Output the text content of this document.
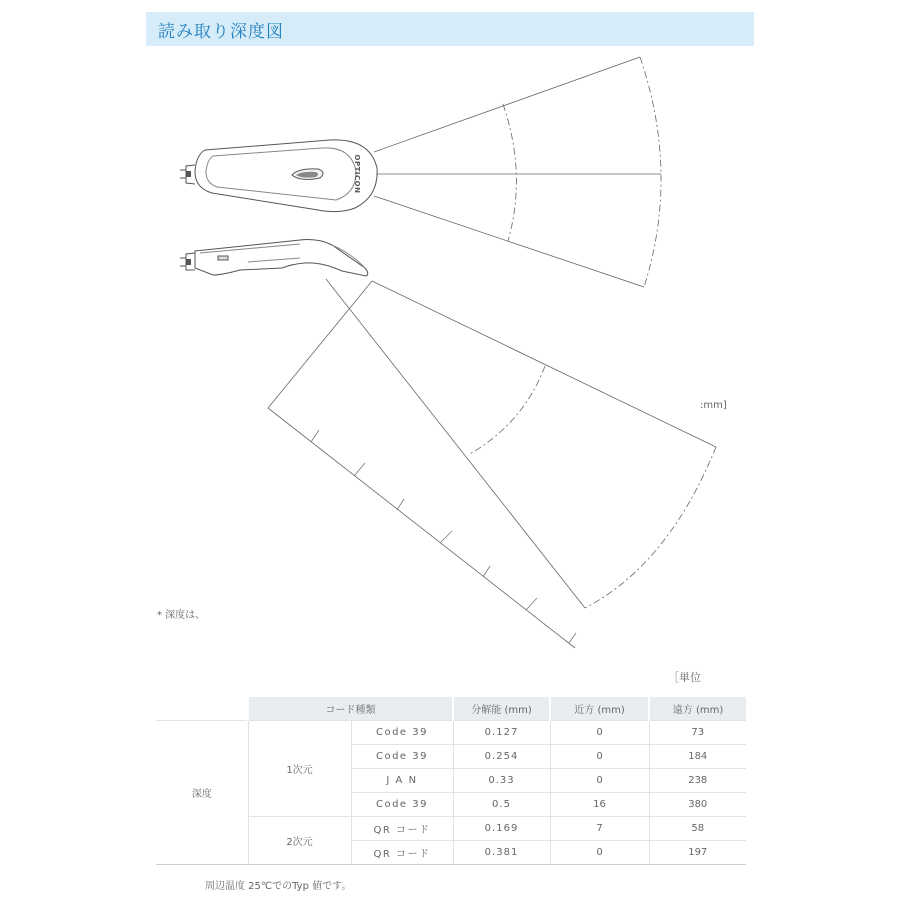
読み取り深度図
OPTICON
:mm]
* 深度は、
［単位
	コード種類		分解能 (mm)	近方 (mm)	遠方 (mm)
深度	1次元	Code 39	0.127	0	73
		Code 39	0.254	0	184
		J A N	0.33	0	238
		Code 39	0.5	16	380
	2次元	QR コード	0.169	7	58
		QR コード	0.381	0	197
周辺温度 25℃でのTyp 値です。
